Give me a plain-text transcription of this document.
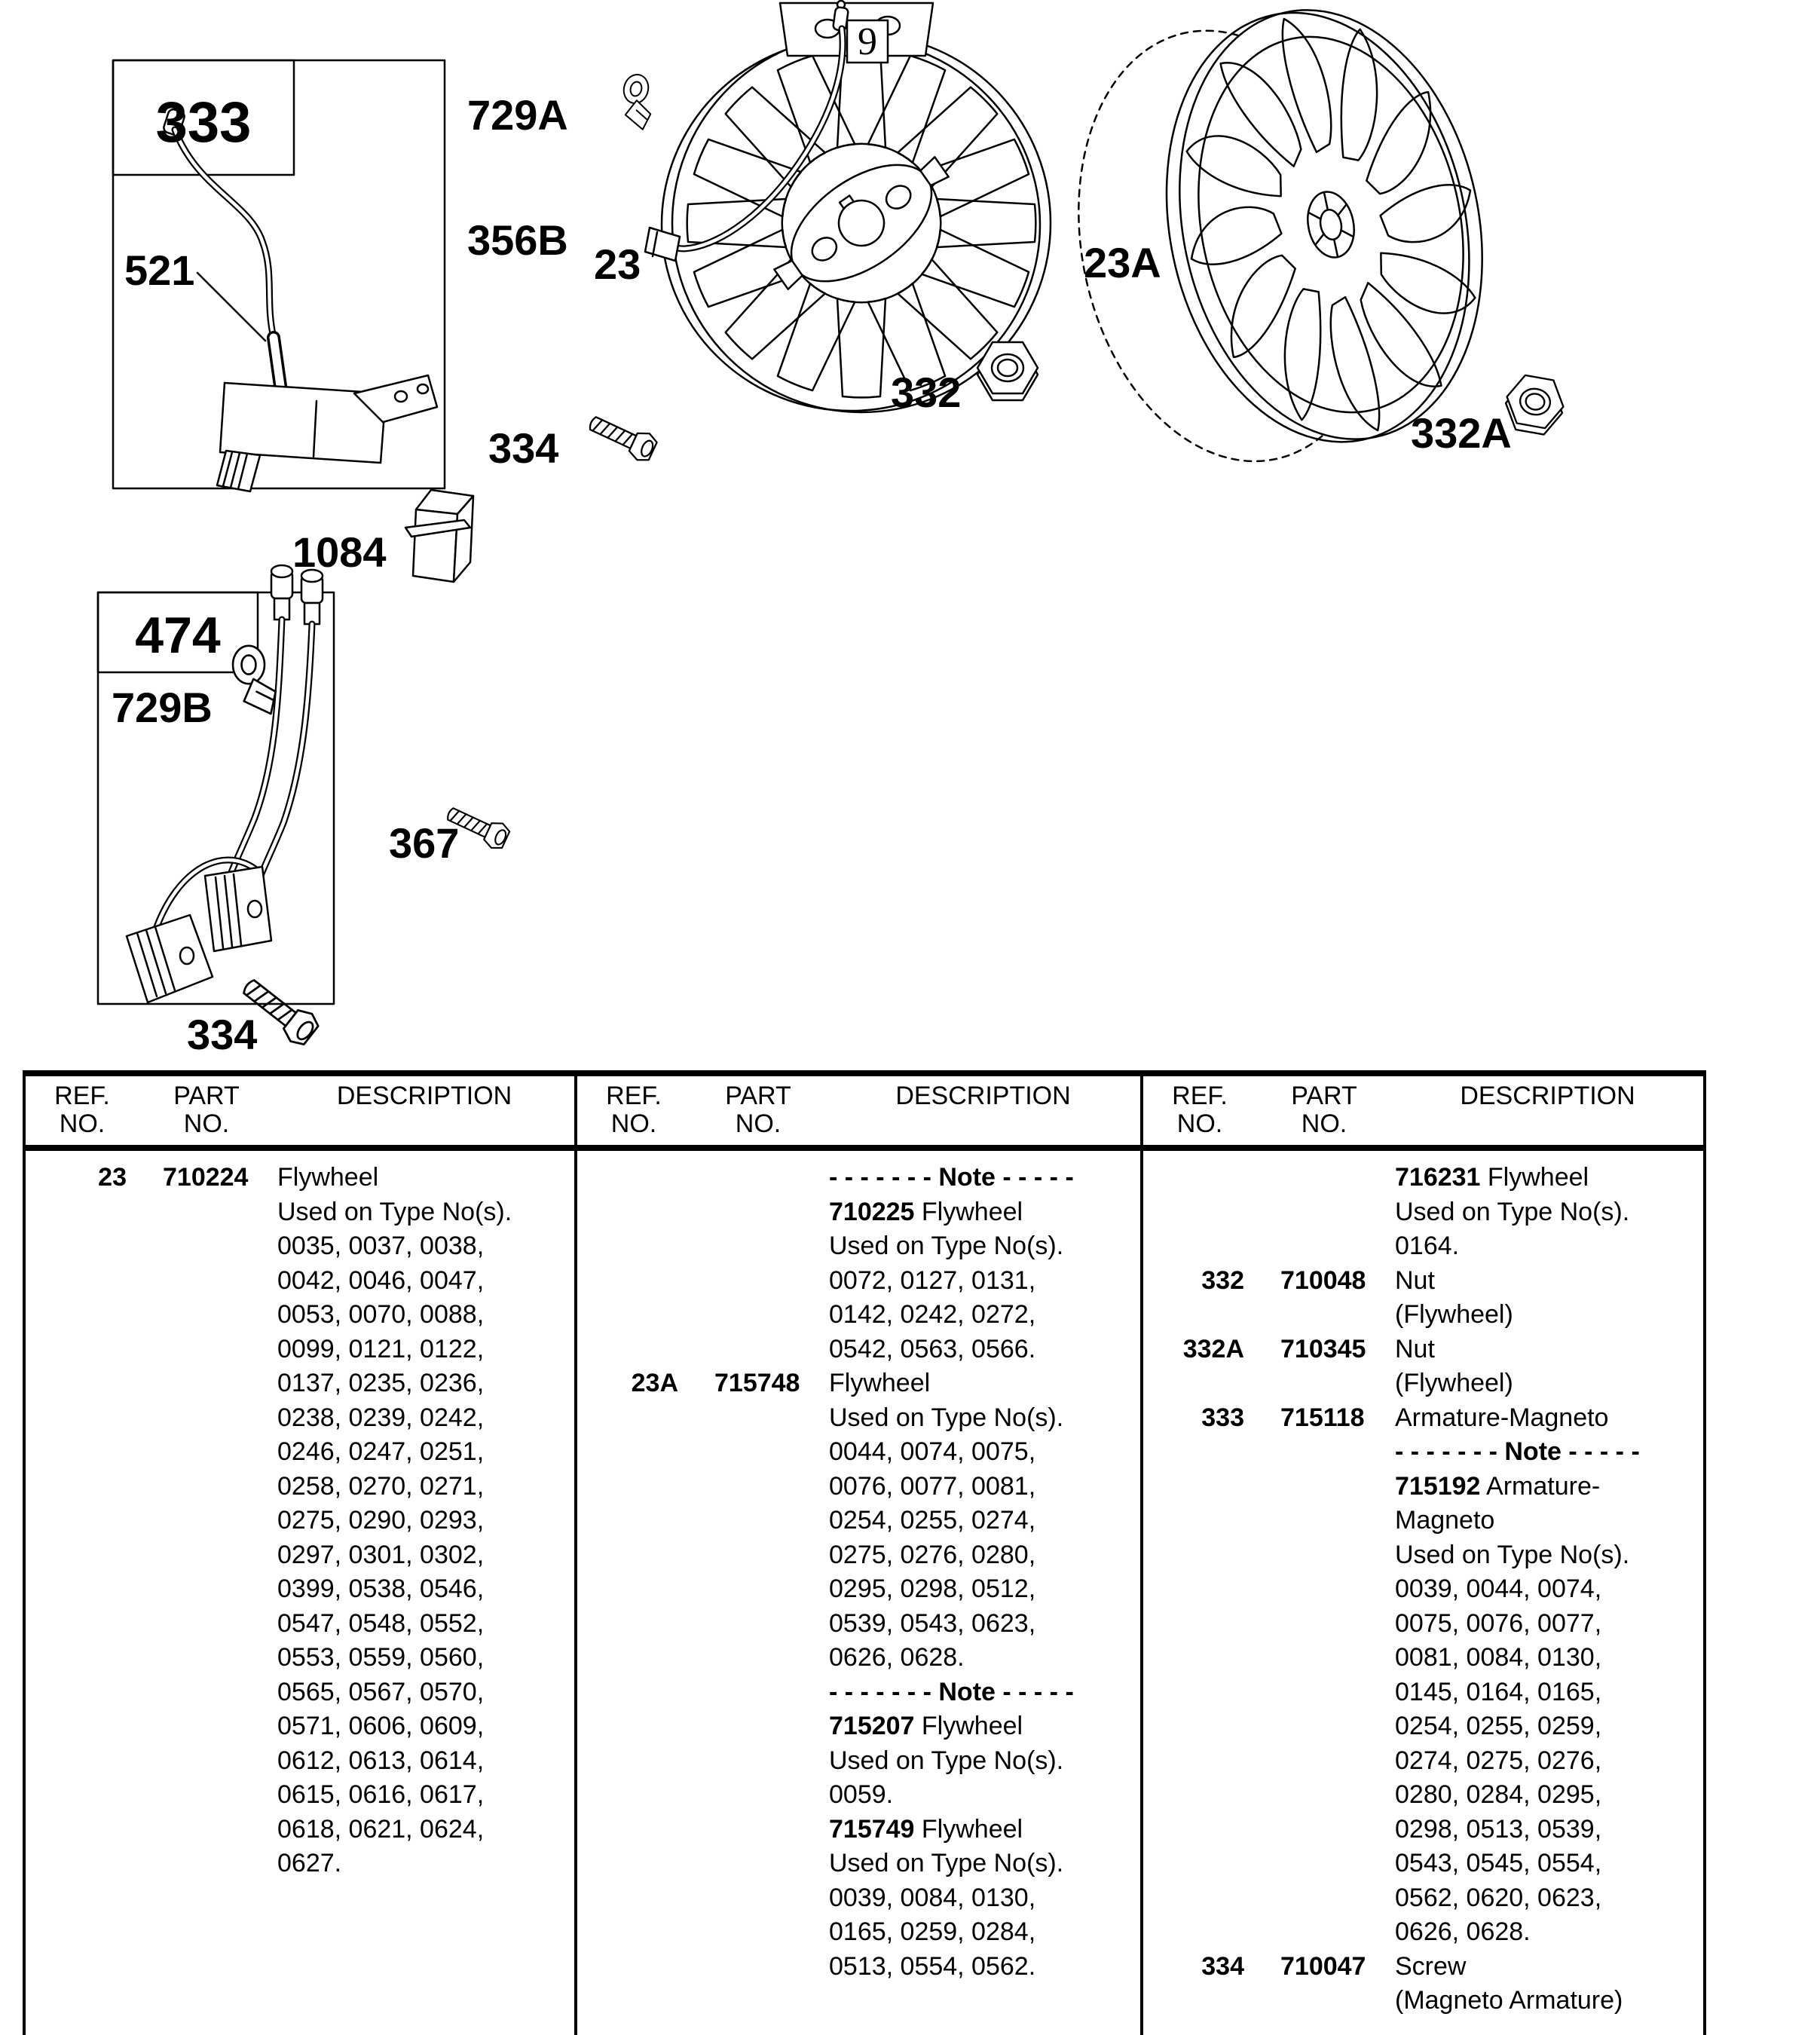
9
333
521
729A
356B
23
332
23A
332A
334
1084
474
729B
367
334
REF.
NO.
PART
NO.
DESCRIPTION
23	710224	Flywheel
Used on Type No(s).
0035, 0037, 0038,
0042, 0046, 0047,
0053, 0070, 0088,
0099, 0121, 0122,
0137, 0235, 0236,
0238, 0239, 0242,
0246, 0247, 0251,
0258, 0270, 0271,
0275, 0290, 0293,
0297, 0301, 0302,
0399, 0538, 0546,
0547, 0548, 0552,
0553, 0559, 0560,
0565, 0567, 0570,
0571, 0606, 0609,
0612, 0613, 0614,
0615, 0616, 0617,
0618, 0621, 0624,
0627.
REF.
NO.
PART
NO.
DESCRIPTION
- - - - - - - Note - - - - -
710225 Flywheel
Used on Type No(s).
0072, 0127, 0131,
0142, 0242, 0272,
0542, 0563, 0566.
23A	715748	Flywheel
Used on Type No(s).
0044, 0074, 0075,
0076, 0077, 0081,
0254, 0255, 0274,
0275, 0276, 0280,
0295, 0298, 0512,
0539, 0543, 0623,
0626, 0628.
- - - - - - - Note - - - - -
715207 Flywheel
Used on Type No(s).
0059.
715749 Flywheel
Used on Type No(s).
0039, 0084, 0130,
0165, 0259, 0284,
0513, 0554, 0562.
REF.
NO.
PART
NO.
DESCRIPTION
716231 Flywheel
Used on Type No(s).
0164.
332	710048	Nut
(Flywheel)
332A	710345	Nut
(Flywheel)
333	715118	Armature-Magneto
- - - - - - - Note - - - - -
715192 Armature-
Magneto
Used on Type No(s).
0039, 0044, 0074,
0075, 0076, 0077,
0081, 0084, 0130,
0145, 0164, 0165,
0254, 0255, 0259,
0274, 0275, 0276,
0280, 0284, 0295,
0298, 0513, 0539,
0543, 0545, 0554,
0562, 0620, 0623,
0626, 0628.
334	710047	Screw
(Magneto Armature)
